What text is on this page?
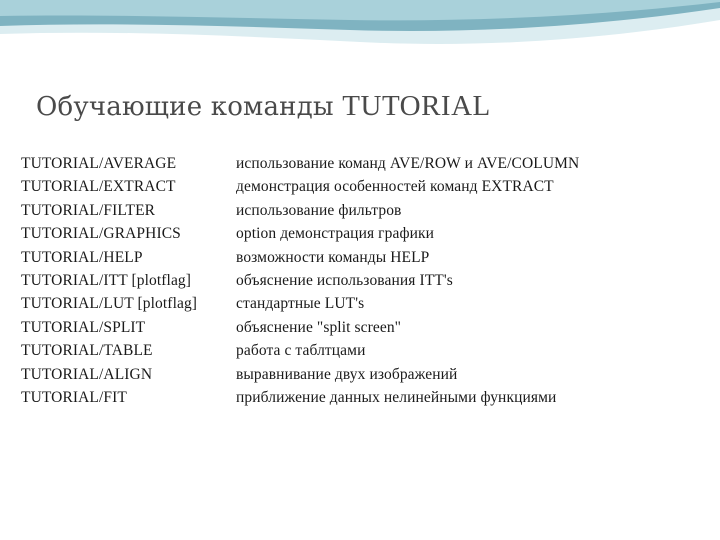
Обучающие команды TUTORIAL
TUTORIAL/AVERAGE	использование команд AVE/ROW и AVE/COLUMN
TUTORIAL/EXTRACT	демонстрация особенностей команд EXTRACT
TUTORIAL/FILTER	использование фильтров
TUTORIAL/GRAPHICS	option демонстрация графики
TUTORIAL/HELP	возможности команды HELP
TUTORIAL/ITT [plotflag]	объяснение использования ITT's
TUTORIAL/LUT [plotflag]	стандартные LUT's
TUTORIAL/SPLIT	объяснение "split screen"
TUTORIAL/TABLE	работа с таблтцами
TUTORIAL/ALIGN	выравнивание двух изображений
TUTORIAL/FIT	приближение данных нелинейными функциями
